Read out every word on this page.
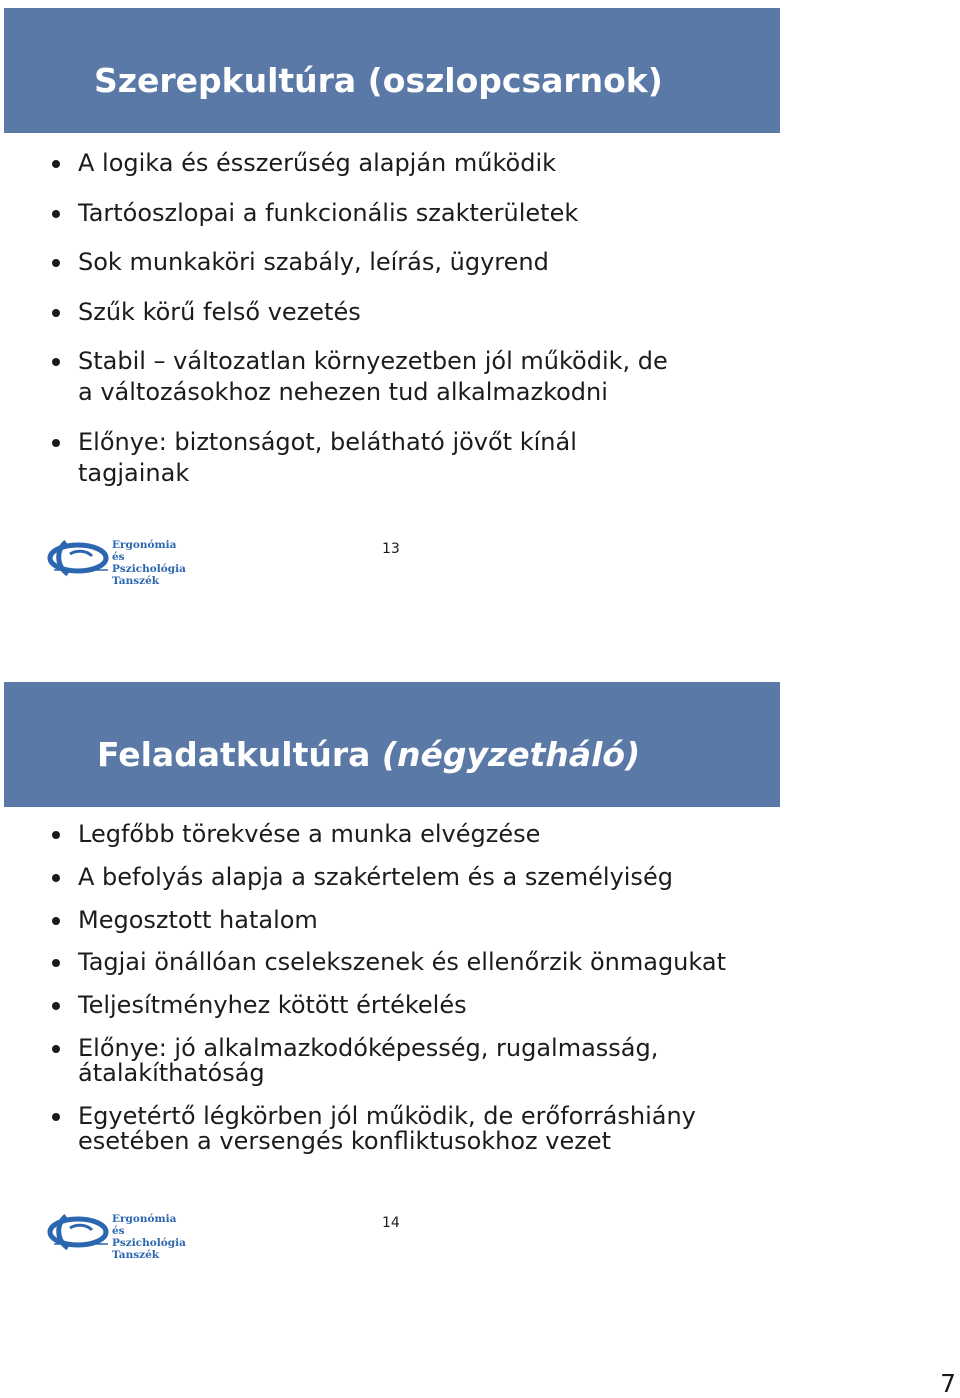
Szerepkultúra (oszlopcsarnok)
A logika és ésszerűség alapján működik
Tartóoszlopai a funkcionális szakterületek
Sok munkaköri szabály, leírás, ügyrend
Szűk körű felső vezetés
Stabil – változatlan környezetben jól működik, de
a változásokhoz nehezen tud alkalmazkodni
Előnye: biztonságot, belátható jövőt kínál
tagjainak
Ergonómia és
Pszichológia
Tanszék
13
Feladatkultúra (négyzetháló)
Legfőbb törekvése a munka elvégzése
A befolyás alapja a szakértelem és a személyiség
Megosztott hatalom
Tagjai önállóan cselekszenek és ellenőrzik önmagukat
Teljesítményhez kötött értékelés
Előnye: jó alkalmazkodóképesség, rugalmasság,
átalakíthatóság
Egyetértő légkörben jól működik, de erőforráshiány
esetében a versengés konfliktusokhoz vezet
Ergonómia és
Pszichológia
Tanszék
14
7
